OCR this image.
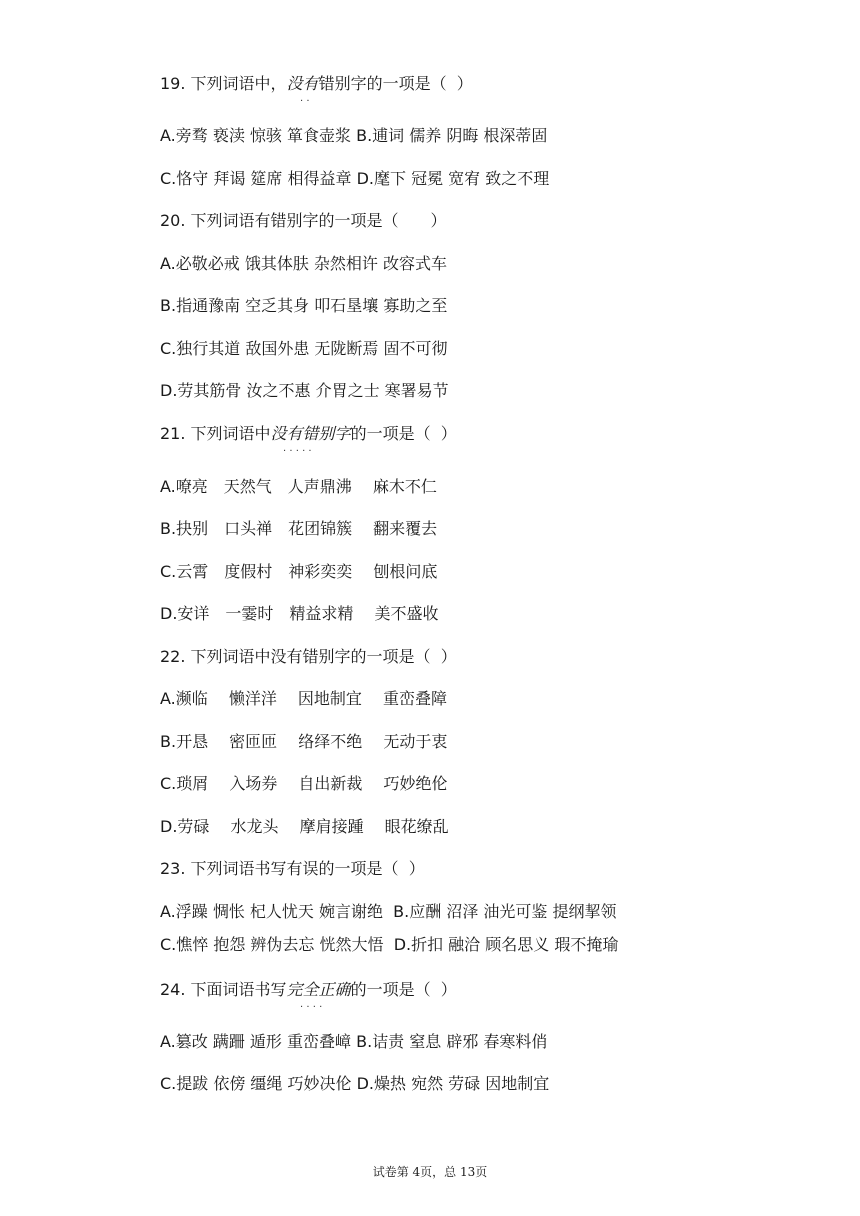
19. 下列词语中，没有错别字的一项是（  ）
· ·
A.旁骛 亵渎 惊骇 箪食壶浆 B.逋词 儒养 阴晦 根深蒂固
C.恪守 拜谒 筵席 相得益章 D.麾下 冠冕 宽宥 致之不理
20. 下列词语有错别字的一项是（　　）
A.必敬必戒 饿其体肤 杂然相许 改容式车
B.指通豫南 空乏其身 叩石垦壤 寡助之至
C.独行其道 敌国外患 无陇断焉 固不可彻
D.劳其筋骨 汝之不惠 介胃之士 寒署易节
21. 下列词语中没有错别字的一项是（  ）
· · · · ·
A.嘹亮　天然气　人声鼎沸　 麻木不仁
B.抉别　口头禅　花团锦簇　 翻来覆去
C.云霄　度假村　神彩奕奕　 刨根问底
D.安详　一霎时　精益求精　 美不盛收
22. 下列词语中没有错别字的一项是（  ）
A.濒临　 懒洋洋　 因地制宜　 重峦叠障
B.开恳　 密匝匝　 络绎不绝　 无动于衷
C.琐屑　 入场券　 自出新裁　 巧妙绝伦
D.劳碌　 水龙头　 摩肩接踵　 眼花缭乱
23. 下列词语书写有误的一项是（  ）
A.浮躁 惆怅 杞人忧天 婉言谢绝  B.应酬 沼泽 油光可鉴 提纲挈领
C.憔悴 抱怨 辨伪去忘 恍然大悟  D.折扣 融洽 顾名思义 瑕不掩瑜
24. 下面词语书写完全正确的一项是（  ）
· · · ·
A.篡改 蹒跚 遁形 重峦叠嶂 B.诘责 窒息 辟邪 春寒料俏
C.提跋 依傍 缰绳 巧妙决伦 D.燥热 宛然 劳碌 因地制宜
试卷第 4页，总 13页
